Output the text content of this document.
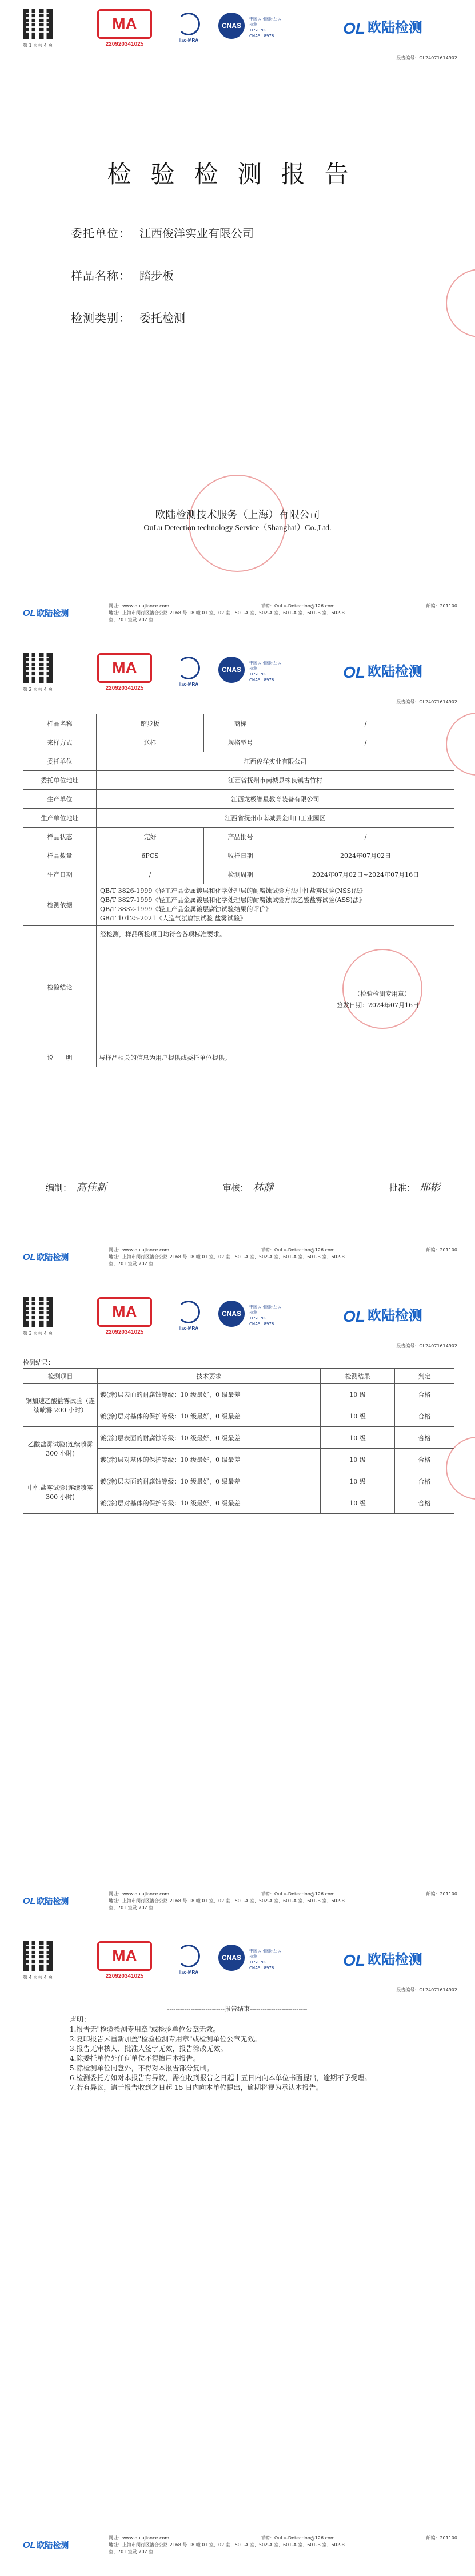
第 1 页共 4 页
MA
220920341025
ilac-MRA
CNAS
中国认可国际互认检测
TESTING
CNAS L8978	OL 欧陆检测
报告编号：OL24071614902
检验检测报告
委托单位： 江西俊洋实业有限公司
样品名称： 踏步板
检测类别： 委托检测
欧陆检测技术服务（上海）有限公司
OuLu Detection technology Service（Shanghai）Co.,Ltd.
OL 欧陆检测
网址：www.oulujiance.com	邮箱：Oul.u-Detection@126.com	邮编：201100
地址：上海市闵行区漕合公路 2168 号 18 幢 01 室、02 室、501-A 室、502-A 室、601-A 室、601-B 室、602-B
室、701 室及 702 室
第 2 页共 4 页
MA
220920341025
ilac-MRA
CNAS
中国认可国际互认检测
TESTING
CNAS L8978	OL 欧陆检测
报告编号：OL24071614902
样品名称	踏步板	商标	/
来样方式	送样	规格型号	/
委托单位	江西俊洋实业有限公司		
委托单位地址	江西省抚州市南城县株良镇古竹村		
生产单位	江西龙极智星教育装备有限公司		
生产单位地址	江西省抚州市南城县金山口工业园区		
样品状态	完好	产品批号	/
样品数量	6PCS	收样日期	2024年07月02日
生产日期	/	检测周期	2024年07月02日~2024年07月16日
检测依据	QB/T 3826-1999《轻工产品金属镀层和化学处理层的耐腐蚀试验方法中性盐雾试验(NSS)法》
QB/T 3827-1999《轻工产品金属镀层和化学处理层的耐腐蚀试验方法乙酸盐雾试验(ASS)法》
QB/T 3832-1999《轻工产品金属镀层腐蚀试验结果的评价》
GB/T 10125-2021《人造气氛腐蚀试验 盐雾试验》		

检验结论	经检测，样品所检项目均符合各项标准要求。
（检验检测专用章）
签发日期：2024年07月16日		

说　　明	与样品相关的信息为用户提供或委托单位提供。		
编制： 高佳新	审核： 林静	批准： 邢彬
OL 欧陆检测
网址：www.oulujiance.com	邮箱：Oul.u-Detection@126.com	邮编：201100
地址：上海市闵行区漕合公路 2168 号 18 幢 01 室、02 室、501-A 室、502-A 室、601-A 室、601-B 室、602-B
室、701 室及 702 室
第 3 页共 4 页
MA
220920341025
ilac-MRA
CNAS
中国认可国际互认检测
TESTING
CNAS L8978	OL 欧陆检测
报告编号：OL24071614902
检测结果：
检测项目	技术要求	检测结果	判定
铜加速乙酸盐雾试验（连续喷雾 200 小时）	镀(涂)层表面的耐腐蚀等级：10 级最好，0 级最差	10 级	合格
	镀(涂)层对基体的保护等级：10 级最好，0 级最差	10 级	合格
乙酸盐雾试验(连续喷雾 300 小时)	镀(涂)层表面的耐腐蚀等级：10 级最好，0 级最差	10 级	合格
	镀(涂)层对基体的保护等级：10 级最好，0 级最差	10 级	合格
中性盐雾试验(连续喷雾 300 小时)	镀(涂)层表面的耐腐蚀等级：10 级最好，0 级最差	10 级	合格
	镀(涂)层对基体的保护等级：10 级最好，0 级最差	10 级	合格
OL 欧陆检测
网址：www.oulujiance.com	邮箱：Oul.u-Detection@126.com	邮编：201100
地址：上海市闵行区漕合公路 2168 号 18 幢 01 室、02 室、501-A 室、502-A 室、601-A 室、601-B 室、602-B
室、701 室及 702 室
第 4 页共 4 页
MA
220920341025
ilac-MRA
CNAS
中国认可国际互认检测
TESTING
CNAS L8978	OL 欧陆检测
报告编号：OL24071614902
---------------------------报告结束---------------------------
声明：
1.报告无"检验检测专用章"或检验单位公章无效。
2.复印报告未重新加盖"检验检测专用章"或检测单位公章无效。
3.报告无审核人、批准人签字无效，报告涂改无效。
4.除委托单位外任何单位不得擅用本报告。
5.除检测单位同意外，不得对本报告部分复制。
6.检测委托方如对本报告有异议，需在收到报告之日起十五日内向本单位书面提出，逾期不予受理。
7.若有异议，请于报告收到之日起 15 日内向本单位提出，逾期将视为承认本报告。
OL 欧陆检测
网址：www.oulujiance.com	邮箱：Oul.u-Detection@126.com	邮编：201100
地址：上海市闵行区漕合公路 2168 号 18 幢 01 室、02 室、501-A 室、502-A 室、601-A 室、601-B 室、602-B
室、701 室及 702 室
